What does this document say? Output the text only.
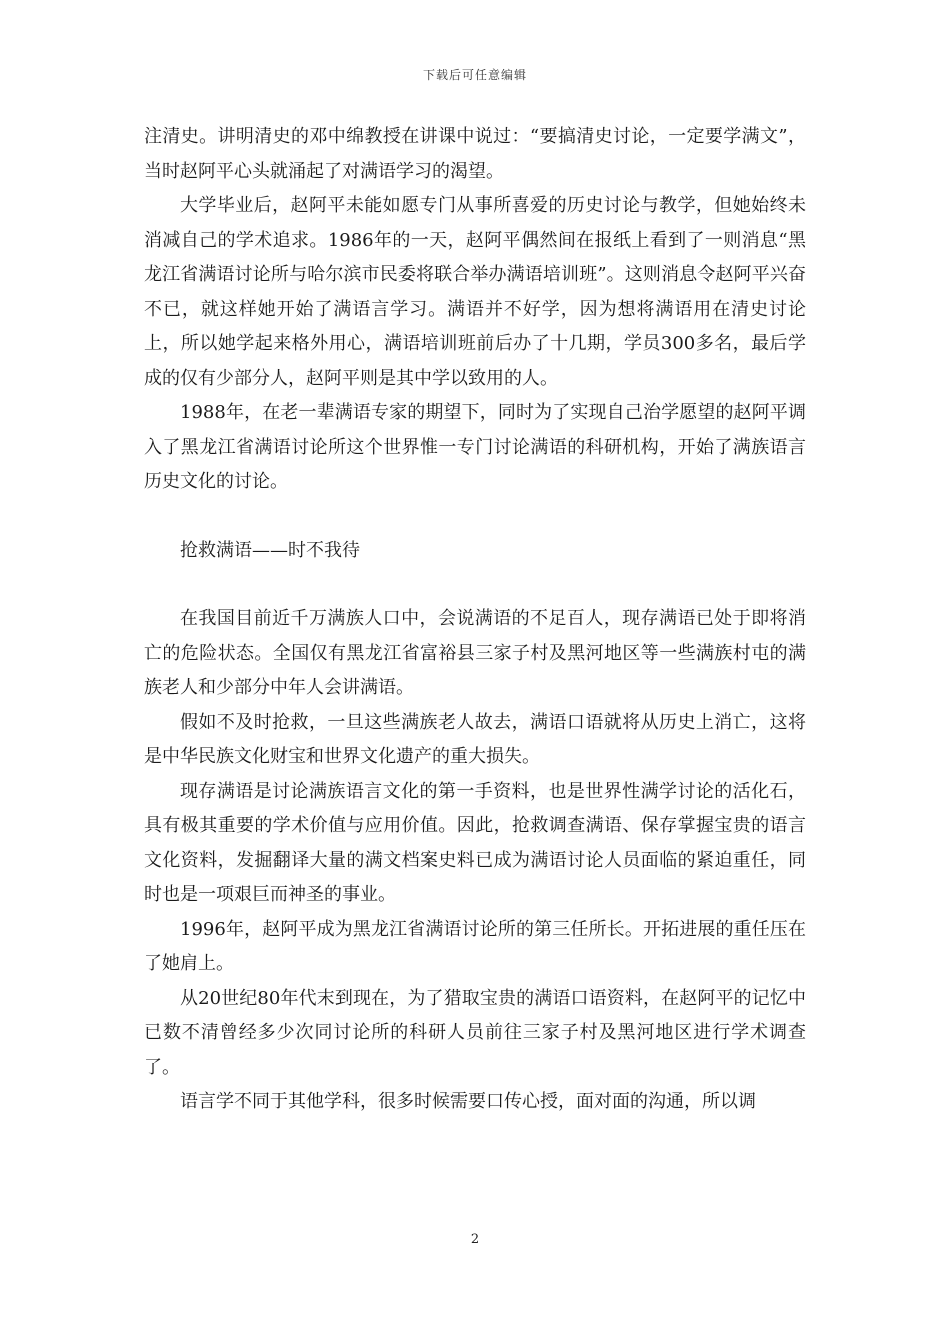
下载后可任意编辑

注清史。讲明清史的邓中绵教授在讲课中说过：“要搞清史讨论，一定要学满文”，当时赵阿平心头就涌起了对满语学习的渴望。

大学毕业后，赵阿平未能如愿专门从事所喜爱的历史讨论与教学，但她始终未消减自己的学术追求。1986年的一天，赵阿平偶然间在报纸上看到了一则消息“黑龙江省满语讨论所与哈尔滨市民委将联合举办满语培训班”。这则消息令赵阿平兴奋不已，就这样她开始了满语言学习。满语并不好学，因为想将满语用在清史讨论上，所以她学起来格外用心，满语培训班前后办了十几期，学员300多名，最后学成的仅有少部分人，赵阿平则是其中学以致用的人。

1988年，在老一辈满语专家的期望下，同时为了实现自己治学愿望的赵阿平调入了黑龙江省满语讨论所这个世界惟一专门讨论满语的科研机构，开始了满族语言历史文化的讨论。

抢救满语——时不我待

在我国目前近千万满族人口中，会说满语的不足百人，现存满语已处于即将消亡的危险状态。全国仅有黑龙江省富裕县三家子村及黑河地区等一些满族村屯的满族老人和少部分中年人会讲满语。

假如不及时抢救，一旦这些满族老人故去，满语口语就将从历史上消亡，这将是中华民族文化财宝和世界文化遗产的重大损失。

现存满语是讨论满族语言文化的第一手资料，也是世界性满学讨论的活化石，具有极其重要的学术价值与应用价值。因此，抢救调查满语、保存掌握宝贵的语言文化资料，发掘翻译大量的满文档案史料已成为满语讨论人员面临的紧迫重任，同时也是一项艰巨而神圣的事业。

1996年，赵阿平成为黑龙江省满语讨论所的第三任所长。开拓进展的重任压在了她肩上。

从20世纪80年代末到现在，为了猎取宝贵的满语口语资料，在赵阿平的记忆中已数不清曾经多少次同讨论所的科研人员前往三家子村及黑河地区进行学术调查了。

语言学不同于其他学科，很多时候需要口传心授，面对面的沟通，所以调

2
